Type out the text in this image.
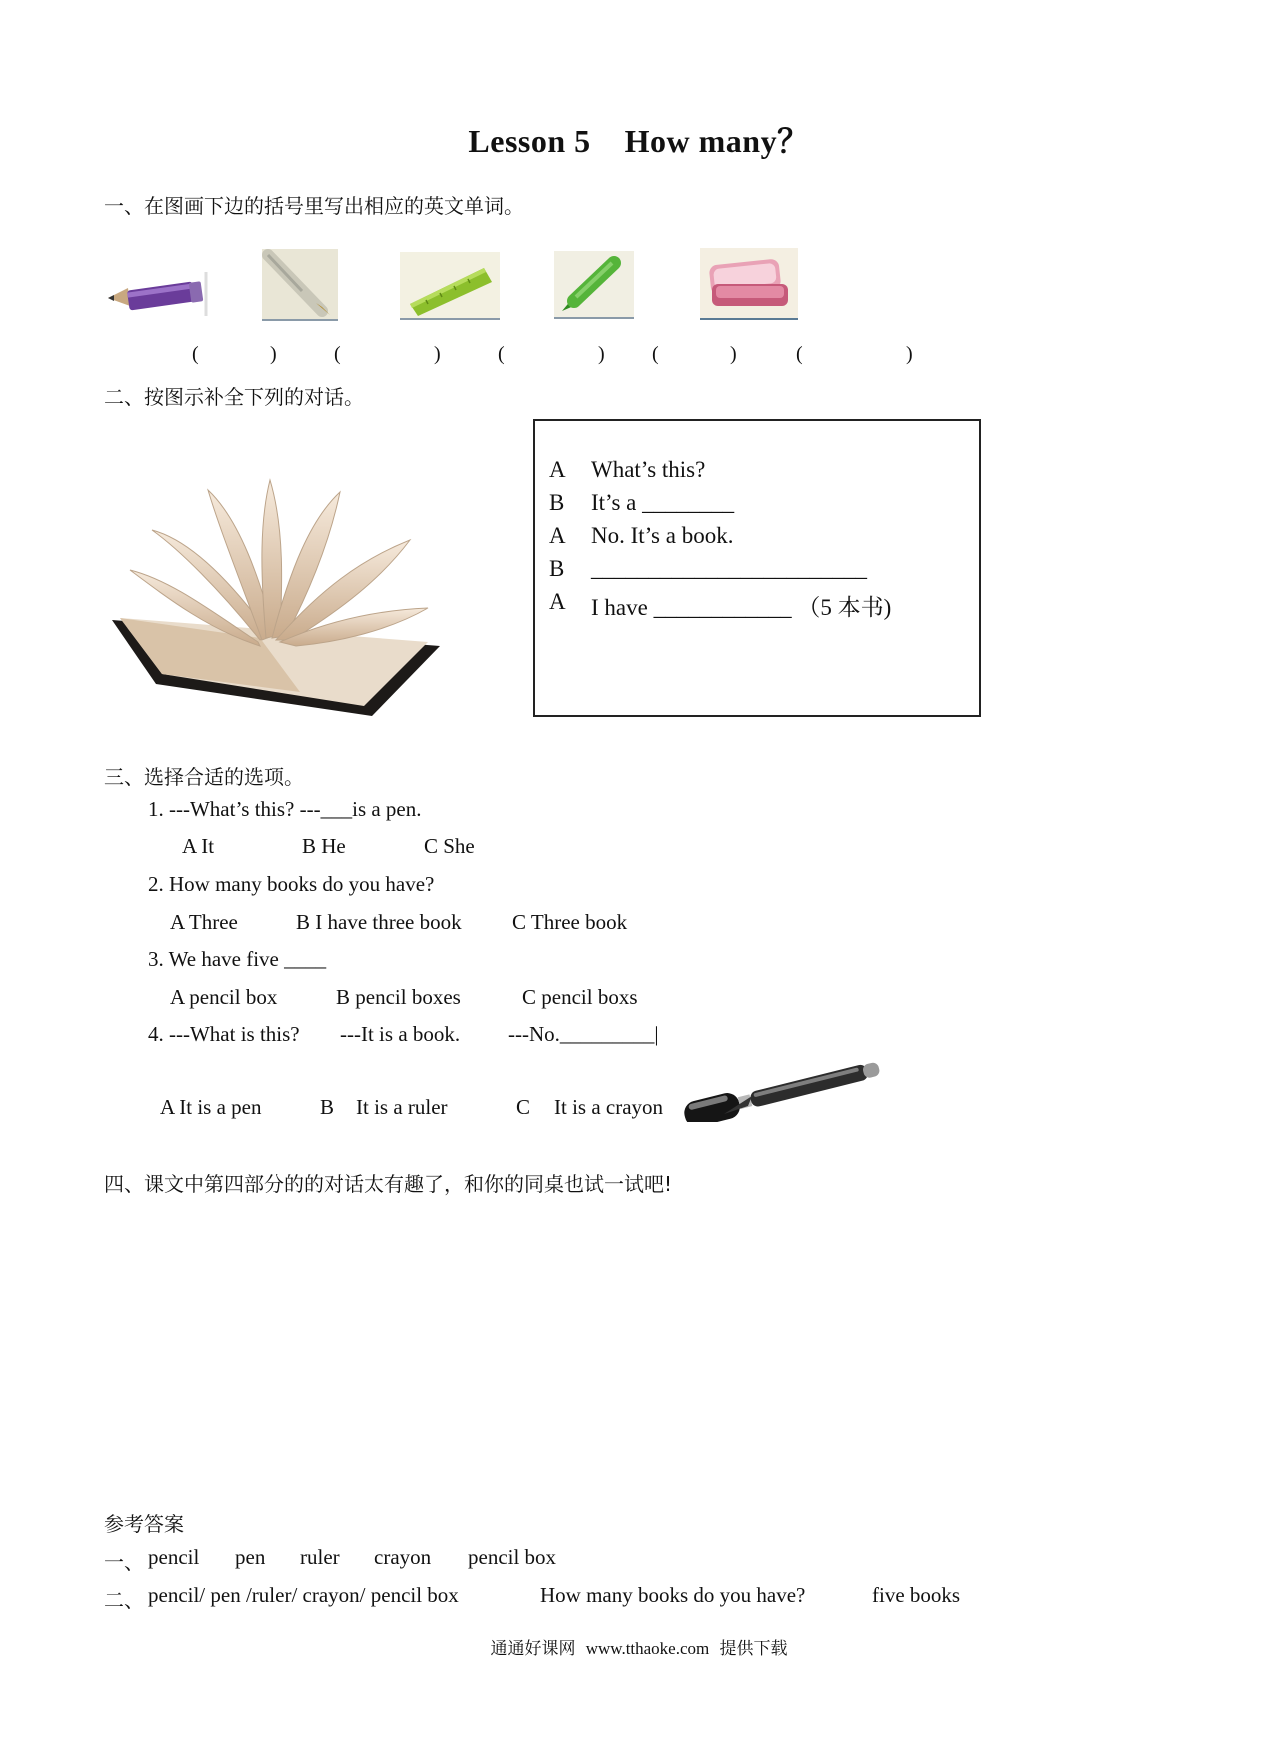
Lesson 5 How many？
一、在图画下边的括号里写出相应的英文单词。
(	)	(	)	(	) (	)	(	)
二、按图示补全下列的对话。
A What’s this?
B It’s a ________
A No. It’s a book.
B ________________________
A I have ____________ （5 本书)
三、选择合适的选项。
1. ---What’s this? ---___is a pen.
A It	B He	C She
2. How many books do you have?
A Three	B I have three book C Three book
3. We have five ____
A pencil box	B pencil boxes	C pencil boxs
4. ---What is this? ---It is a book. ---No._________|
A It is a pen	B It is a ruler	C It is a crayon
四、课文中第四部分的的对话太有趣了，和你的同桌也试一试吧!
参考答案
一、 pencil pen ruler crayon pencil box
二、 pencil/ pen /ruler/ crayon/ pencil box	How many books do you have?	five books
通通好课网 www.tthaoke.com 提供下载
